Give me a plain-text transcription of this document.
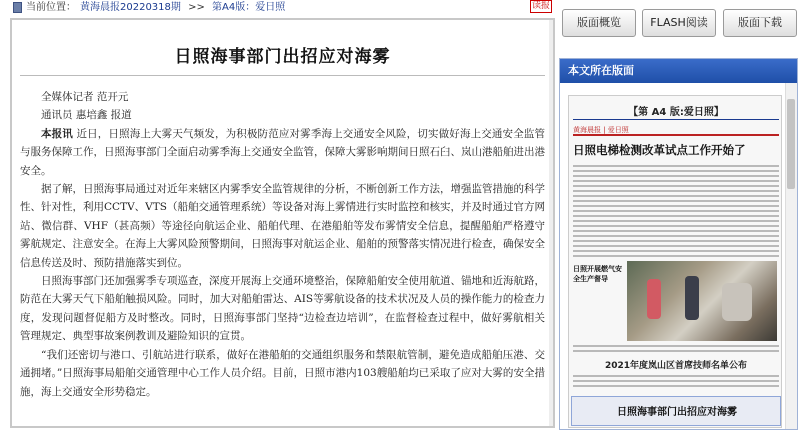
当前位置： 黄海晨报20220318期 >> 第A4版：爱日照	读报
日照海事部门出招应对海雾

全媒体记者 范开元

通讯员 惠培鑫 报道

本报讯 近日，日照海上大雾天气频发，为积极防范应对雾季海上交通安全风险，切实做好海上交通安全监管与服务保障工作，日照海事部门全面启动雾季海上交通安全监管，保障大雾影响期间日照石臼、岚山港船舶进出港安全。

据了解，日照海事局通过对近年来辖区内雾季安全监管规律的分析，不断创新工作方法，增强监管措施的科学性、针对性，利用CCTV、VTS（船舶交通管理系统）等设备对海上雾情进行实时监控和核实，并及时通过官方网站、微信群、VHF（甚高频）等途径向航运企业、船舶代理、在港船舶等发布雾情安全信息，提醒船舶严格遵守雾航规定、注意安全。在海上大雾风险预警期间，日照海事对航运企业、船舶的预警落实情况进行检查，确保安全信息传送及时、预防措施落实到位。

日照海事部门还加强雾季专项巡查，深度开展海上交通环境整治，保障船舶安全使用航道、锚地和近海航路，防范在大雾天气下船舶触损风险。同时，加大对船舶雷达、AIS等雾航设备的技术状况及人员的操作能力的检查力度，发现问题督促船方及时整改。同时，日照海事部门坚持“边检查边培训”，在监督检查过程中，做好雾航相关管理规定、典型事故案例教训及避险知识的宣贯。

“我们还密切与港口、引航站进行联系，做好在港船舶的交通组织服务和禁限航管制，避免造成船舶压港、交通拥堵。”日照海事局船舶交通管理中心工作人员介绍。目前，日照市港内103艘船舶均已采取了应对大雾的安全措施，海上交通安全形势稳定。

版面概览	FLASH阅读	版面下载
本文所在版面
【第 A4 版:爱日照】
黄海晨报 | 爱日照
日照电梯检测改革试点工作开始了
日照开展燃气安全生产督导
2021年度岚山区首席技师名单公布
日照海事部门出招应对海雾
